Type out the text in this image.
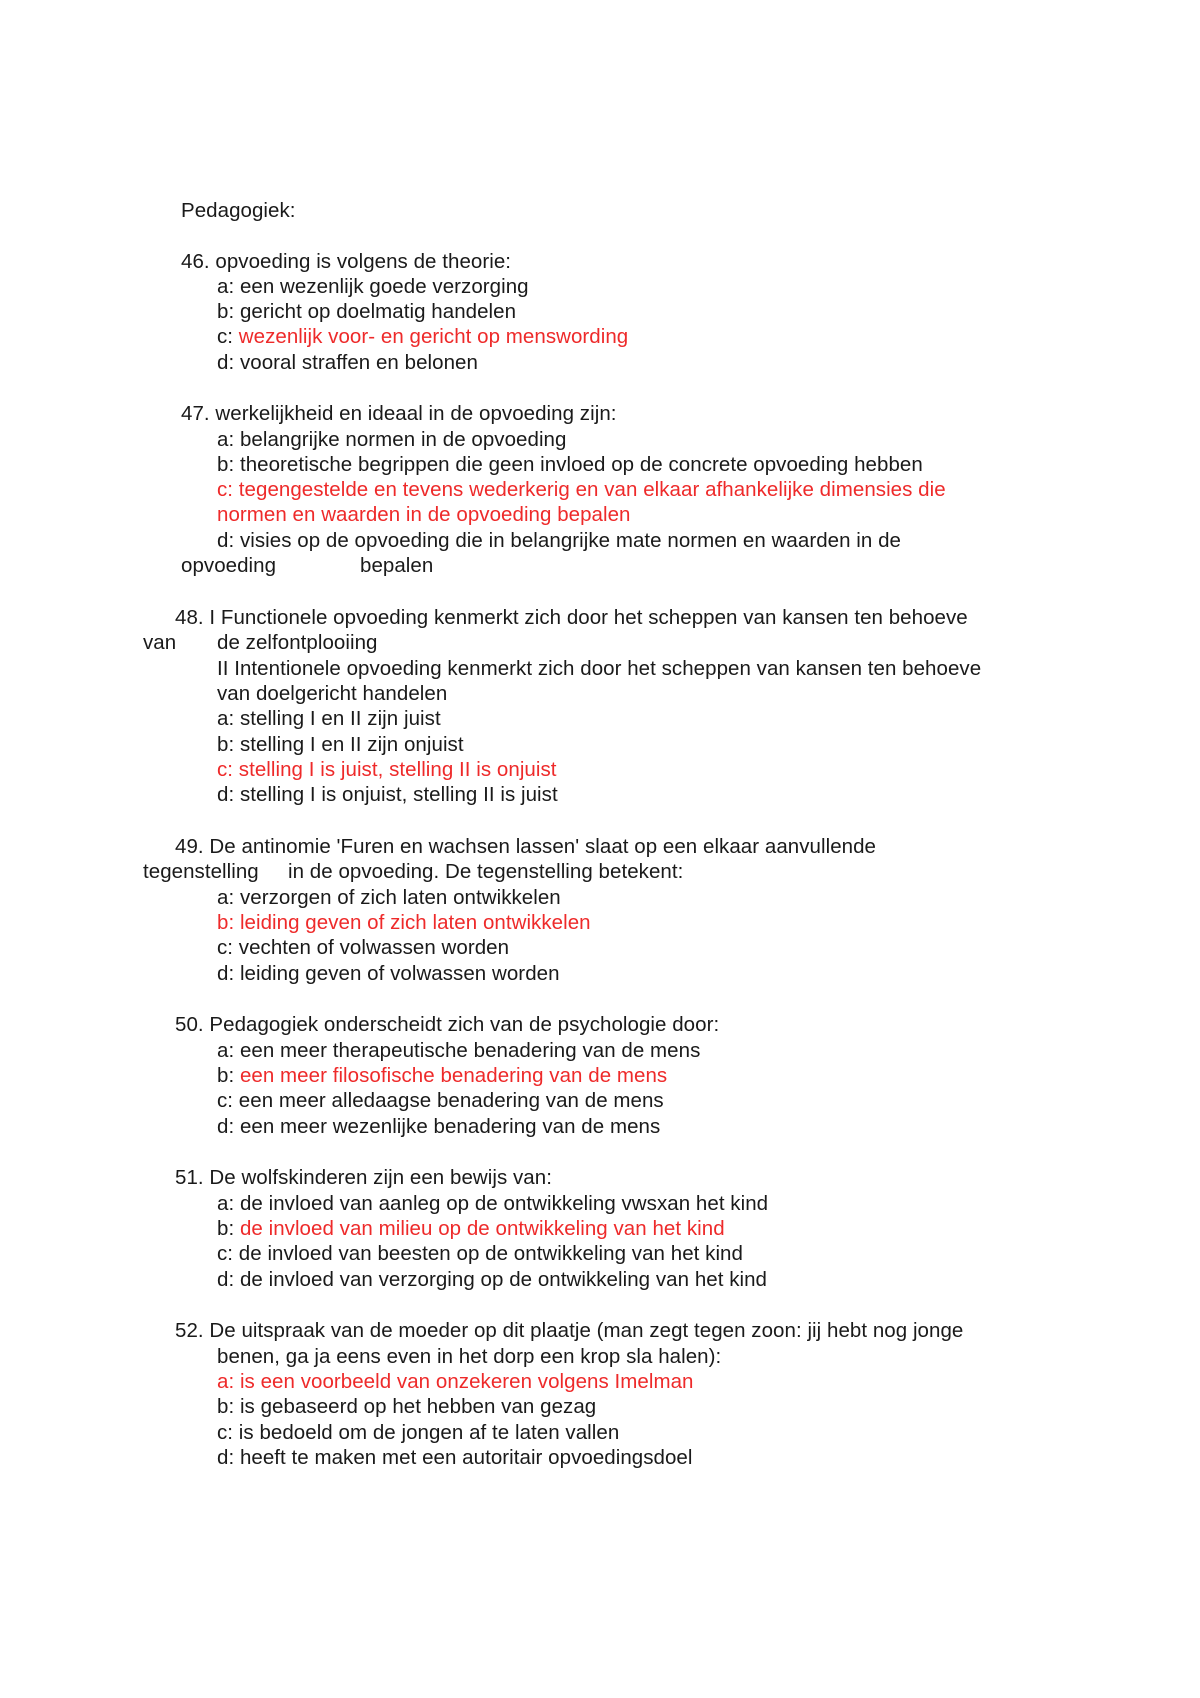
Pedagogiek:
46. opvoeding is volgens de theorie:
a: een wezenlijk goede verzorging
b: gericht op doelmatig handelen
c: wezenlijk voor- en gericht op menswording
d: vooral straffen en belonen
47. werkelijkheid en ideaal in de opvoeding zijn:
a: belangrijke normen in de opvoeding
b: theoretische begrippen die geen invloed op de concrete opvoeding hebben
c: tegengestelde en tevens wederkerig en van elkaar afhankelijke dimensies die
normen en waarden in de opvoeding bepalen
d: visies op de opvoeding die in belangrijke mate normen en waarden in de
opvoeding	bepalen
48. I Functionele opvoeding kenmerkt zich door het scheppen van kansen ten behoeve
van de zelfontplooiing
II Intentionele opvoeding kenmerkt zich door het scheppen van kansen ten behoeve
van doelgericht handelen
a: stelling I en II zijn juist
b: stelling I en II zijn onjuist
c: stelling I is juist, stelling II is onjuist
d: stelling I is onjuist, stelling II is juist
49. De antinomie 'Furen en wachsen lassen' slaat op een elkaar aanvullende
tegenstelling in de opvoeding. De tegenstelling betekent:
a: verzorgen of zich laten ontwikkelen
b: leiding geven of zich laten ontwikkelen
c: vechten of volwassen worden
d: leiding geven of volwassen worden
50. Pedagogiek onderscheidt zich van de psychologie door:
a: een meer therapeutische benadering van de mens
b: een meer filosofische benadering van de mens
c: een meer alledaagse benadering van de mens
d: een meer wezenlijke benadering van de mens
51. De wolfskinderen zijn een bewijs van:
a: de invloed van aanleg op de ontwikkeling vwsxan het kind
b: de invloed van milieu op de ontwikkeling van het kind
c: de invloed van beesten op de ontwikkeling van het kind
d: de invloed van verzorging op de ontwikkeling van het kind
52. De uitspraak van de moeder op dit plaatje (man zegt tegen zoon: jij hebt nog jonge
benen, ga ja eens even in het dorp een krop sla halen):
a: is een voorbeeld van onzekeren volgens Imelman
b: is gebaseerd op het hebben van gezag
c: is bedoeld om de jongen af te laten vallen
d: heeft te maken met een autoritair opvoedingsdoel
